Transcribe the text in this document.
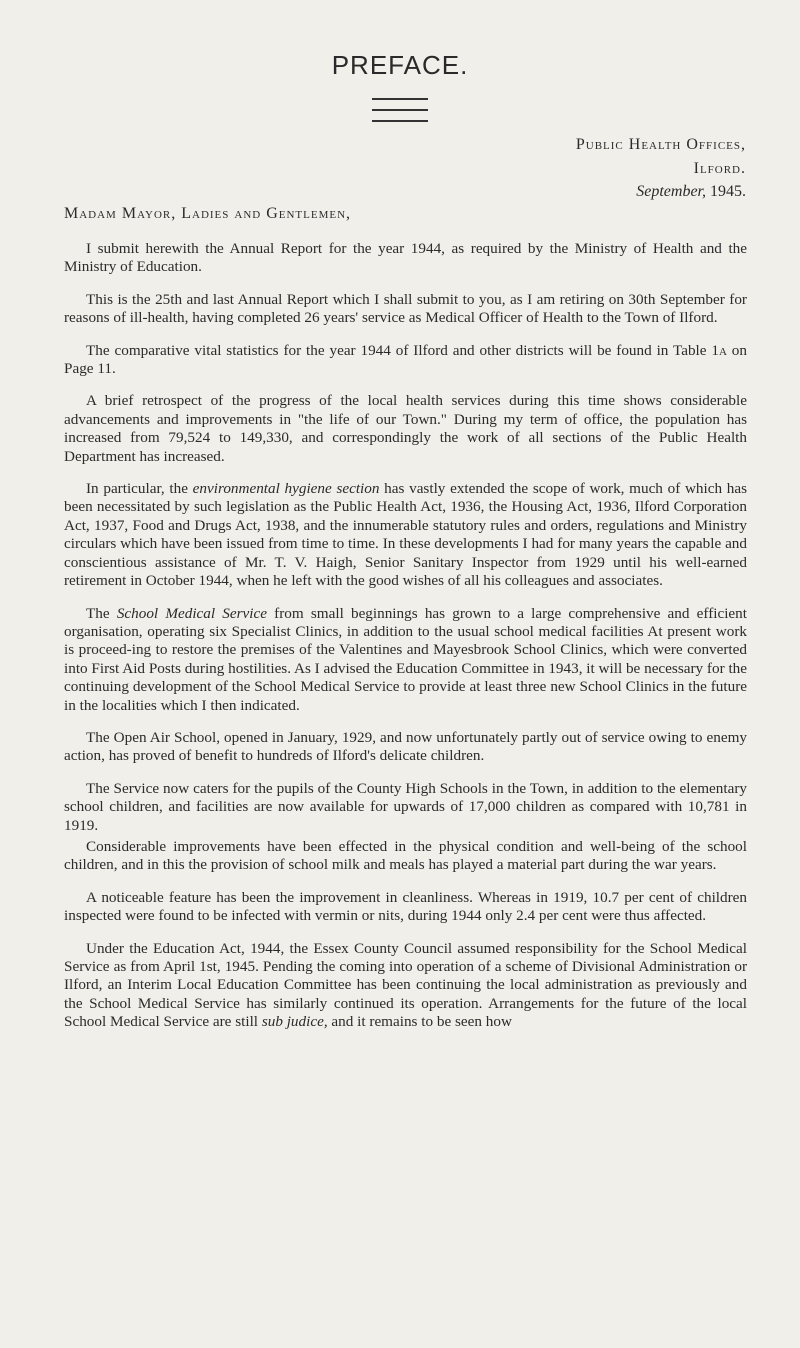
PREFACE.
Public Health Offices,
Ilford.
September, 1945.
Madam Mayor, Ladies and Gentlemen,

I submit herewith the Annual Report for the year 1944, as required by the Ministry of Health and the Ministry of Education.

This is the 25th and last Annual Report which I shall submit to you, as I am retiring on 30th September for reasons of ill-health, having completed 26 years' service as Medical Officer of Health to the Town of Ilford.

The comparative vital statistics for the year 1944 of Ilford and other districts will be found in Table 1a on Page 11.

A brief retrospect of the progress of the local health services during this time shows considerable advancements and improvements in "the life of our Town." During my term of office, the population has increased from 79,524 to 149,330, and correspondingly the work of all sections of the Public Health Department has increased.

In particular, the environmental hygiene section has vastly extended the scope of work, much of which has been necessitated by such legislation as the Public Health Act, 1936, the Housing Act, 1936, Ilford Corporation Act, 1937, Food and Drugs Act, 1938, and the innumerable statutory rules and orders, regulations and Ministry circulars which have been issued from time to time. In these developments I had for many years the capable and conscientious assistance of Mr. T. V. Haigh, Senior Sanitary Inspector from 1929 until his well-earned retirement in October 1944, when he left with the good wishes of all his colleagues and associates.

The School Medical Service from small beginnings has grown to a large comprehensive and efficient organisation, operating six Specialist Clinics, in addition to the usual school medical facilities At present work is proceed-ing to restore the premises of the Valentines and Mayesbrook School Clinics, which were converted into First Aid Posts during hostilities. As I advised the Education Committee in 1943, it will be necessary for the continuing development of the School Medical Service to provide at least three new School Clinics in the future in the localities which I then indicated.

The Open Air School, opened in January, 1929, and now unfortunately partly out of service owing to enemy action, has proved of benefit to hundreds of Ilford's delicate children.

The Service now caters for the pupils of the County High Schools in the Town, in addition to the elementary school children, and facilities are now available for upwards of 17,000 children as compared with 10,781 in 1919.

Considerable improvements have been effected in the physical condition and well-being of the school children, and in this the provision of school milk and meals has played a material part during the war years.

A noticeable feature has been the improvement in cleanliness. Whereas in 1919, 10.7 per cent of children inspected were found to be infected with vermin or nits, during 1944 only 2.4 per cent were thus affected.

Under the Education Act, 1944, the Essex County Council assumed responsibility for the School Medical Service as from April 1st, 1945. Pending the coming into operation of a scheme of Divisional Administration or Ilford, an Interim Local Education Committee has been continuing the local administration as previously and the School Medical Service has similarly continued its operation. Arrangements for the future of the local School Medical Service are still sub judice, and it remains to be seen how
